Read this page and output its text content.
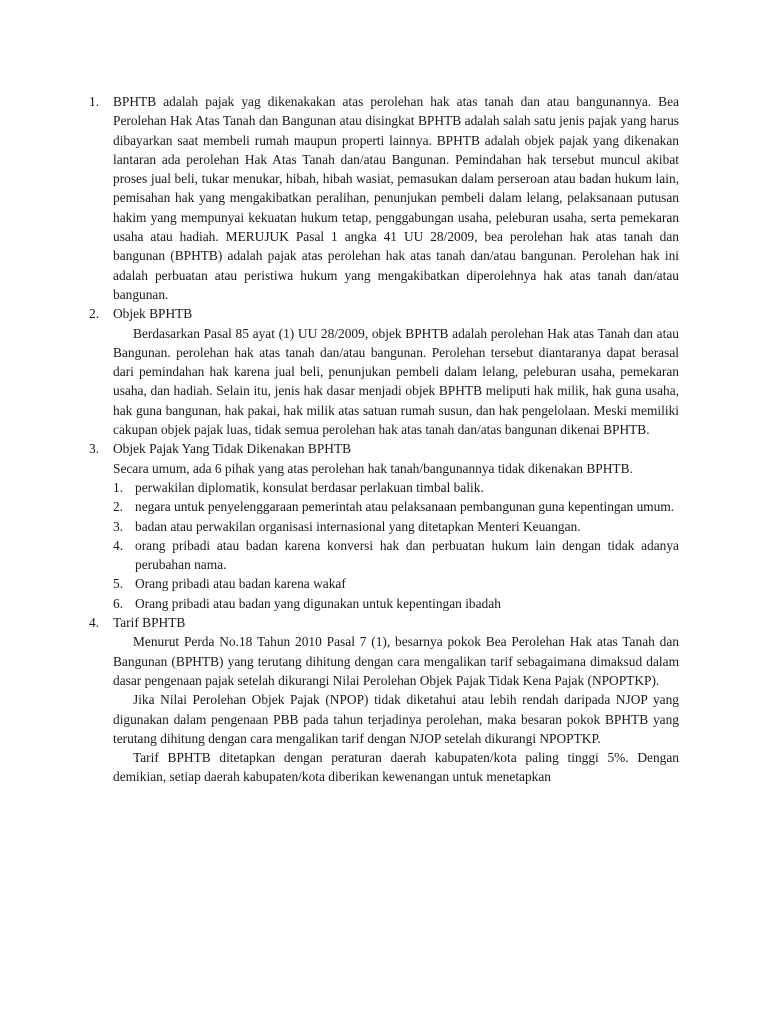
1. BPHTB adalah pajak yag dikenakakan atas perolehan hak atas tanah dan atau bangunannya. Bea Perolehan Hak Atas Tanah dan Bangunan atau disingkat BPHTB adalah salah satu jenis pajak yang harus dibayarkan saat membeli rumah maupun properti lainnya. BPHTB adalah objek pajak yang dikenakan lantaran ada perolehan Hak Atas Tanah dan/atau Bangunan. Pemindahan hak tersebut muncul akibat proses jual beli, tukar menukar, hibah, hibah wasiat, pemasukan dalam perseroan atau badan hukum lain, pemisahan hak yang mengakibatkan peralihan, penunjukan pembeli dalam lelang, pelaksanaan putusan hakim yang mempunyai kekuatan hukum tetap, penggabungan usaha, peleburan usaha, serta pemekaran usaha atau hadiah. MERUJUK Pasal 1 angka 41 UU 28/2009, bea perolehan hak atas tanah dan bangunan (BPHTB) adalah pajak atas perolehan hak atas tanah dan/atau bangunan. Perolehan hak ini adalah perbuatan atau peristiwa hukum yang mengakibatkan diperolehnya hak atas tanah dan/atau bangunan.

2. Objek BPHTB

Berdasarkan Pasal 85 ayat (1) UU 28/2009, objek BPHTB adalah perolehan Hak atas Tanah dan atau Bangunan. perolehan hak atas tanah dan/atau bangunan. Perolehan tersebut diantaranya dapat berasal dari pemindahan hak karena jual beli, penunjukan pembeli dalam lelang, peleburan usaha, pemekaran usaha, dan hadiah. Selain itu, jenis hak dasar menjadi objek BPHTB meliputi hak milik, hak guna usaha, hak guna bangunan, hak pakai, hak milik atas satuan rumah susun, dan hak pengelolaan. Meski memiliki cakupan objek pajak luas, tidak semua perolehan hak atas tanah dan/atas bangunan dikenai BPHTB.

3. Objek Pajak Yang Tidak Dikenakan BPHTB

Secara umum, ada 6 pihak yang atas perolehan hak tanah/bangunannya tidak dikenakan BPHTB.

1. perwakilan diplomatik, konsulat berdasar perlakuan timbal balik.

2. negara untuk penyelenggaraan pemerintah atau pelaksanaan pembangunan guna kepentingan umum.

3. badan atau perwakilan organisasi internasional yang ditetapkan Menteri Keuangan.

4. orang pribadi atau badan karena konversi hak dan perbuatan hukum lain dengan tidak adanya perubahan nama.

5. Orang pribadi atau badan karena wakaf

6. Orang pribadi atau badan yang digunakan untuk kepentingan ibadah

4. Tarif BPHTB

Menurut Perda No.18 Tahun 2010 Pasal 7 (1), besarnya pokok Bea Perolehan Hak atas Tanah dan Bangunan (BPHTB) yang terutang dihitung dengan cara mengalikan tarif sebagaimana dimaksud dalam dasar pengenaan pajak setelah dikurangi Nilai Perolehan Objek Pajak Tidak Kena Pajak (NPOPTKP).

Jika Nilai Perolehan Objek Pajak (NPOP) tidak diketahui atau lebih rendah daripada NJOP yang digunakan dalam pengenaan PBB pada tahun terjadinya perolehan, maka besaran pokok BPHTB yang terutang dihitung dengan cara mengalikan tarif dengan NJOP setelah dikurangi NPOPTKP.

Tarif BPHTB ditetapkan dengan peraturan daerah kabupaten/kota paling tinggi 5%. Dengan demikian, setiap daerah kabupaten/kota diberikan kewenangan untuk menetapkan
